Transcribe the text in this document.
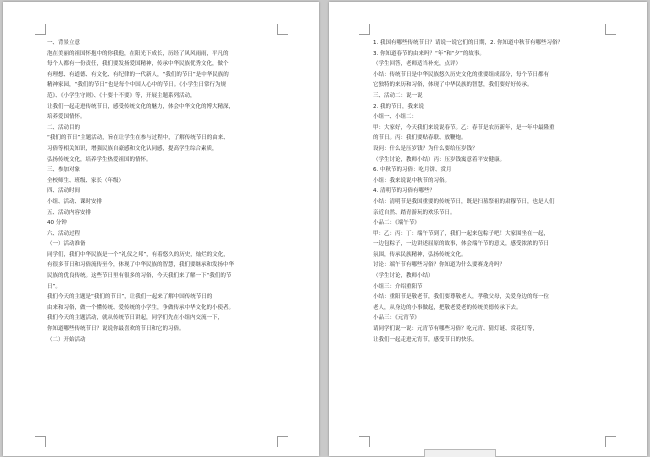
一、背景立意
泡在美丽的祖国怀抱中的你我他，在阳光下成长，历经了风风雨雨，平凡的
每个人都有一份责任，我们要发扬爱国精神，传承中华民族优秀文化，做个
有理想、有道德、有文化、有纪律的一代新人，“我们的节日”是中华民族的
精神家园，“我们的节日”也是每个中国人心中的节日。《小学生日常行为规
范》、《小学生守则》、《十要十不要》等，开展主题系列活动，
让我们一起走进传统节日，感受传统文化的魅力，体会中华文化的博大精深，
培养爱国情怀。
二、活动目的
“我们的节日”主题活动，旨在让学生在参与过程中，了解传统节日的由来、
习俗等相关知识，增强民族自豪感和文化认同感，提高学生综合素质，
弘扬传统文化，培养学生热爱祖国的情怀。
三、参加对象
全校师生、班级、家长（年级）
四、活动时间
小组、活动、课时安排
五、活动内容安排
40 分钟
六、活动过程
（一）活动准备
同学们，我们中华民族是一个“礼仪之邦”，有着悠久的历史，灿烂的文化，
有很多节日和习俗流传至今，体现了中华民族的智慧，我们要继承和发扬中华
民族的优良传统。这些节日里有很多的习俗，今天我们来了解一下“我们的节
日”。
我们今天的主题是“我们的节日”，让我们一起来了解中国传统节日的
由来和习俗，做一个懂传统、爱传统的小学生，争做传承中华文化的小使者。
我们今天的主题活动，就从传统节日讲起，同学们先在小组内交流一下，
你知道哪些传统节日？说说你最喜欢的节日和它的习俗。
（二）开始活动
1. 我国有哪些传统节日？请说一说它们的日期，2. 你知道中秋节有哪些习俗？
3. 你知道春节的由来吗？“年”和“夕”的故事。
（学生回答，老师适当补充，点评）
小结：传统节日是中华民族悠久历史文化的重要组成部分，每个节日都有
它独特的来历和习俗，体现了中华民族的智慧，我们要好好传承。
三、活动二：说一说
2. 我的节日，我来说
小组一、小组二：
甲：大家好，今天我们来说说春节。乙：春节是农历新年，是一年中最隆重
的节日。丙：我们要贴春联、放鞭炮。
设问：什么是压岁钱？为什么要给压岁钱？
（学生讨论，教师小结）丙：压岁钱寓意着平安健康。
6. 中秋节的习俗：吃月饼、赏月
小组：我来说说中秋节的习俗。
4. 清明节的习俗有哪些？
小结：清明节是我国重要的传统节日，既是扫墓祭祖的肃穆节日，也是人们
亲近自然、踏青游玩的欢乐节日。
小品二：《端午节》
甲：乙：丙：丁：端午节到了，我们一起来包粽子吧！大家围坐在一起，
一边包粽子，一边讲述屈原的故事，体会端午节的意义，感受浓浓的节日
氛围，传承民族精神，弘扬传统文化。
讨论：端午节有哪些习俗？你知道为什么要赛龙舟吗？
（学生讨论，教师小结）
小组三：介绍重阳节
小结：重阳节是敬老节，我们要尊敬老人，孝敬父母，关爱身边的每一位
老人，从身边的小事做起，把敬老爱老的传统美德传承下去。
小品三：《元宵节》
请同学们说一说：元宵节有哪些习俗？吃元宵、猜灯谜、赏花灯等，
让我们一起走进元宵节，感受节日的快乐。
